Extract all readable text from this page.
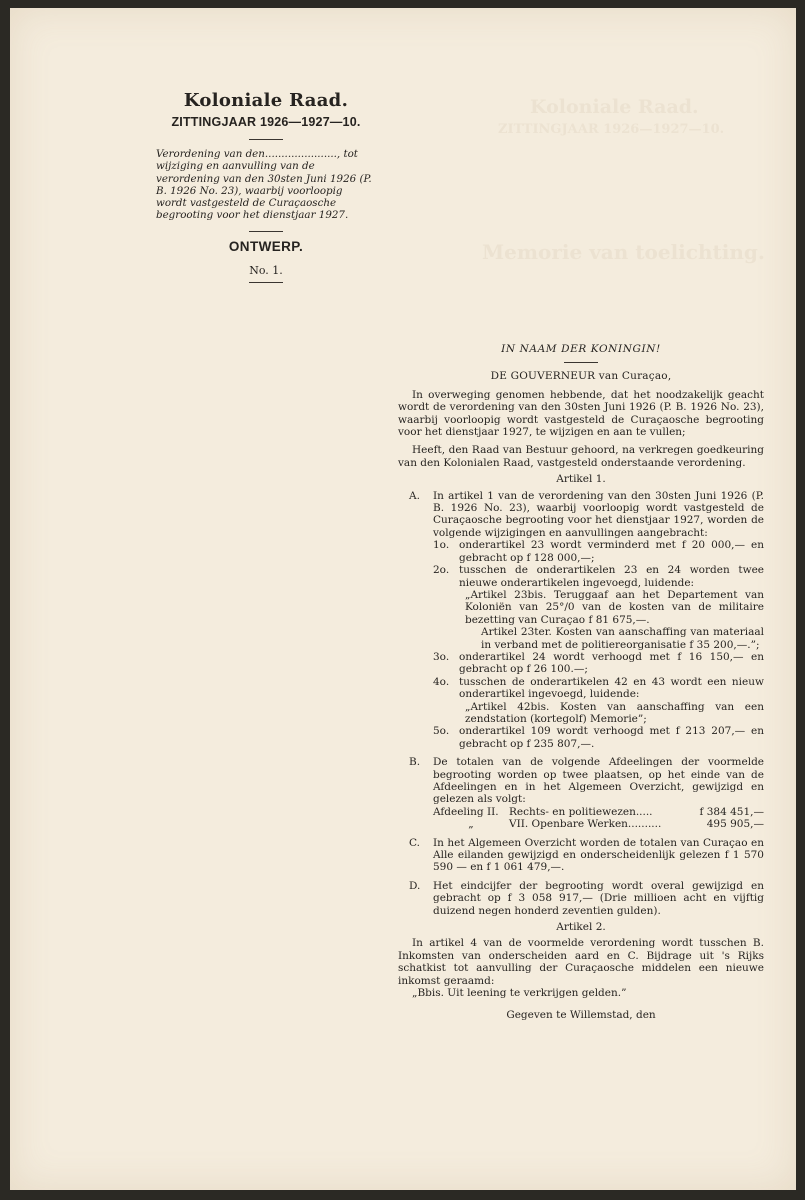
Koloniale Raad.
ZITTINGJAAR 1926—1927—10.
Memorie van toelichting.
Koloniale Raad.
ZITTINGJAAR 1926—1927—10.
Verordening van den......................, tot wijziging en aanvulling van de verordening van den 30sten Juni 1926 (P. B. 1926 No. 23), waarbij voorloopig wordt vastgesteld de Curaçaosche begrooting voor het dienstjaar 1927.
ONTWERP.
No. 1.
IN NAAM DER KONINGIN!
DE GOUVERNEUR van Curaçao,

In overweging genomen hebbende, dat het noodzakelijk geacht wordt de verordening van den 30sten Juni 1926 (P. B. 1926 No. 23), waarbij voorloopig wordt vastgesteld de Curaçaosche begrooting voor het dienstjaar 1927, te wijzigen en aan te vullen;

Heeft, den Raad van Bestuur gehoord, na verkregen goedkeuring van den Kolonialen Raad, vastgesteld onderstaande verordening.

Artikel 1.
A. In artikel 1 van de verordening van den 30sten Juni 1926 (P. B. 1926 No. 23), waarbij voorloopig wordt vastgesteld de Curaçaosche begrooting voor het dienstjaar 1927, worden de volgende wijzigingen en aanvullingen aangebracht:
1o. onderartikel 23 wordt verminderd met f 20 000,— en gebracht op f 128 000,—;
2o. tusschen de onderartikelen 23 en 24 worden twee nieuwe onderartikelen ingevoegd, luidende:
„Artikel 23bis. Teruggaaf aan het Departement van Koloniën van 25°/0 van de kosten van de militaire bezetting van Curaçao f 81 675,—.
Artikel 23ter. Kosten van aanschaffing van materiaal in verband met de politiereorganisatie f 35 200,—.”;
3o. onderartikel 24 wordt verhoogd met f 16 150,— en gebracht op f 26 100.—;
4o. tusschen de onderartikelen 42 en 43 wordt een nieuw onderartikel ingevoegd, luidende:
„Artikel 42bis. Kosten van aanschaffing van een zendstation (kortegolf) Memorie”;
5o. onderartikel 109 wordt verhoogd met f 213 207,— en gebracht op f 235 807,—.
B. De totalen van de volgende Afdeelingen der voormelde begrooting worden op twee plaatsen, op het einde van de Afdeelingen en in het Algemeen Overzicht, gewijzigd en gelezen als volgt:
Afdeeling II. Rechts- en politiewezen.....	f 384 451,—
„	VII. Openbare Werken..........	495 905,—
C. In het Algemeen Overzicht worden de totalen van Curaçao en Alle eilanden gewijzigd en onderscheidenlijk gelezen f 1 570 590 — en f 1 061 479,—.
D. Het eindcijfer der begrooting wordt overal gewijzigd en gebracht op f 3 058 917,— (Drie millioen acht en vijftig duizend negen honderd zeventien gulden).
Artikel 2.

In artikel 4 van de voormelde verordening wordt tusschen B. Inkomsten van onderscheiden aard en C. Bijdrage uit 's Rijks schatkist tot aanvulling der Curaçaosche middelen een nieuwe inkomst geraamd:

„Bbis. Uit leening te verkrijgen gelden.”
Gegeven te Willemstad, den
